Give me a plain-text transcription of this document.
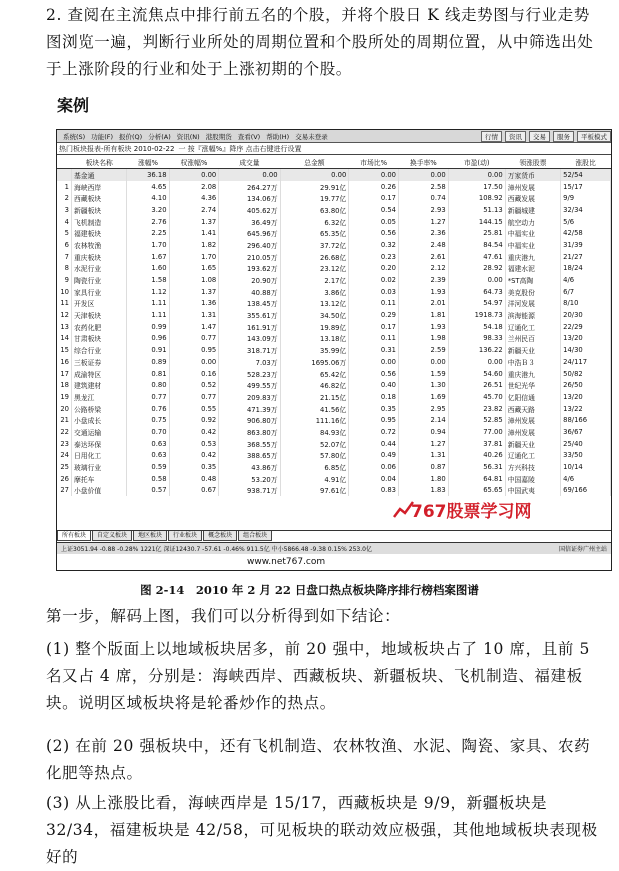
2. 查阅在主流焦点中排行前五名的个股，并将个股日 K 线走势图与行业走势图浏览一遍，判断行业所处的周期位置和个股所处的周期位置，从中筛选出处于上涨阶段的行业和处于上涨初期的个股。
案例
系统(S) 功能(F) 报价(Q) 分析(A) 资讯(N) 港股期货 查看(V) 帮助(H) 交易未登录	行情	资讯	交易	服务	平板模式
热门板块报表-所有板块 2010-02-22 一 按『涨幅%』降序 点击右键进行设置
	板块名称	涨幅%	权涨幅%	成交量	总金额	市场比%	换手率%	市盈(动)	领涨股票	涨股比
	基金通	36.18	0.00	0.00	0.00	0.00	0.00	0.00	万家货币	52/54
1	海峡西岸	4.65	2.08	264.27万	29.91亿	0.26	2.58	17.50	漳州发展	15/17
2	西藏板块	4.10	4.36	134.06万	19.77亿	0.17	0.74	108.92	西藏发展	9/9
3	新疆板块	3.20	2.74	405.62万	63.80亿	0.54	2.93	51.13	新疆城建	32/34
4	飞机制造	2.76	1.37	36.49万	6.32亿	0.05	1.27	144.15	航空动力	5/6
5	福建板块	2.25	1.41	645.96万	65.35亿	0.56	2.36	25.81	中福实业	42/58
6	农林牧渔	1.70	1.82	296.40万	37.72亿	0.32	2.48	84.54	中福实业	31/39
7	重庆板块	1.67	1.70	210.05万	26.68亿	0.23	2.61	47.61	重庆港九	21/27
8	水泥行业	1.60	1.65	193.62万	23.12亿	0.20	2.12	28.92	福建水泥	18/24
9	陶瓷行业	1.58	1.08	20.90万	2.17亿	0.02	2.39	0.00	*ST高陶	4/6
10	家具行业	1.12	1.37	40.88万	3.86亿	0.03	1.93	64.73	美克股份	6/7
11	开发区	1.11	1.36	138.45万	13.12亿	0.11	2.01	54.97	洋河发展	8/10
12	天津板块	1.11	1.31	355.61万	34.50亿	0.29	1.81	1918.73	滨海能源	20/30
13	农药化肥	0.99	1.47	161.91万	19.89亿	0.17	1.93	54.18	辽通化工	22/29
14	甘肃板块	0.96	0.77	143.09万	13.18亿	0.11	1.98	98.33	兰州民百	13/20
15	综合行业	0.91	0.95	318.71万	35.99亿	0.31	2.59	136.22	新疆天业	14/30
16	三板证券	0.89	0.00	7.03万	1695.06万	0.00	0.00	0.00	中浩Ｂ３	24/117
17	成渝特区	0.81	0.16	528.23万	65.42亿	0.56	1.59	54.60	重庆港九	50/82
18	建筑建材	0.80	0.52	499.55万	46.82亿	0.40	1.30	26.51	世纪光华	26/50
19	黑龙江	0.77	0.77	209.83万	21.15亿	0.18	1.69	45.70	亿阳信通	13/20
20	公路桥梁	0.76	0.55	471.39万	41.56亿	0.35	2.95	23.82	西藏天路	13/22
21	小盘成长	0.75	0.92	906.80万	111.16亿	0.95	2.14	52.85	漳州发展	88/166
22	交通运输	0.70	0.42	863.80万	84.93亿	0.72	0.94	77.00	漳州发展	36/67
23	泰达环保	0.63	0.53	368.55万	52.07亿	0.44	1.27	37.81	新疆天业	25/40
24	日用化工	0.63	0.42	388.65万	57.80亿	0.49	1.31	40.26	辽通化工	33/50
25	玻璃行业	0.59	0.35	43.86万	6.85亿	0.06	0.87	56.31	方兴科技	10/14
26	摩托车	0.58	0.48	53.20万	4.91亿	0.04	1.80	64.81	中国嘉陵	4/6
27	小盘价值	0.57	0.67	938.71万	97.61亿	0.83	1.83	65.65	中国武夷	69/166
所有板块	自定义板块	地区板块	行业板块	概念板块	组合板块
上证3051.94 -0.88 -0.28% 1221亿 深证12430.7 -57.61 -0.46% 911.5亿 中小5866.48 -9.38 0.15% 253.0亿	国信证券广州主站
www.net767.com
767股票学习网
图 2-14　2010 年 2 月 22 日盘口热点板块降序排行榜档案图谱
第一步，解码上图，我们可以分析得到如下结论：
(1) 整个版面上以地域板块居多，前 20 强中，地域板块占了 10 席，且前 5 名又占 4 席，分别是：海峡西岸、西藏板块、新疆板块、飞机制造、福建板块。说明区域板块将是轮番炒作的热点。
(2) 在前 20 强板块中，还有飞机制造、农林牧渔、水泥、陶瓷、家具、农药化肥等热点。
(3) 从上涨股比看，海峡西岸是 15/17，西藏板块是 9/9，新疆板块是 32/34，福建板块是 42/58，可见板块的联动效应极强，其他地域板块表现极好的
